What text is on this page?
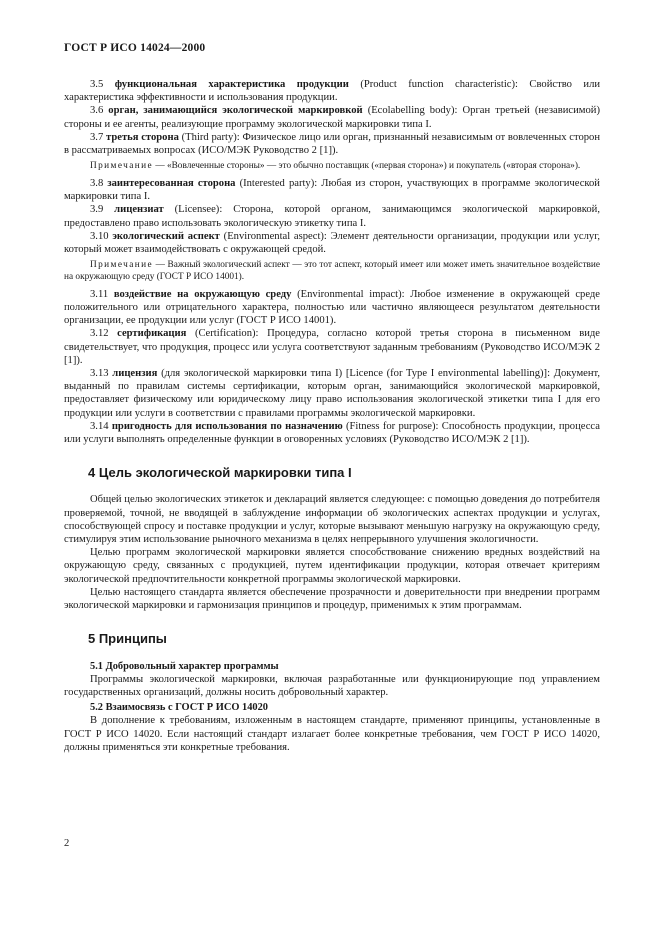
ГОСТ Р ИСО 14024—2000

3.5 функциональная характеристика продукции (Product function characteristic): Свойство или характеристика эффективности и использования продукции.

3.6 орган, занимающийся экологической маркировкой (Ecolabelling body): Орган третьей (независимой) стороны и ее агенты, реализующие программу экологической маркировки типа I.

3.7 третья сторона (Third party): Физическое лицо или орган, признанный независимым от вовлеченных сторон в рассматриваемых вопросах (ИСО/МЭК Руководство 2 [1]).

Примечание — «Вовлеченные стороны» — это обычно поставщик («первая сторона») и покупатель («вторая сторона»).

3.8 заинтересованная сторона (Interested party): Любая из сторон, участвующих в программе экологической маркировки типа I.

3.9 лицензиат (Licensee): Сторона, которой органом, занимающимся экологической маркировкой, предоставлено право использовать экологическую этикетку типа I.

3.10 экологический аспект (Environmental aspect): Элемент деятельности организации, продукции или услуг, который может взаимодействовать с окружающей средой.

Примечание — Важный экологический аспект — это тот аспект, который имеет или может иметь значительное воздействие на окружающую среду (ГОСТ Р ИСО 14001).

3.11 воздействие на окружающую среду (Environmental impact): Любое изменение в окружающей среде положительного или отрицательного характера, полностью или частично являющееся результатом деятельности организации, ее продукции или услуг (ГОСТ Р ИСО 14001).

3.12 сертификация (Certification): Процедура, согласно которой третья сторона в письменном виде свидетельствует, что продукция, процесс или услуга соответствуют заданным требованиям (Руководство ИСО/МЭК 2 [1]).

3.13 лицензия (для экологической маркировки типа I) [Licence (for Type I environmental labelling)]: Документ, выданный по правилам системы сертификации, которым орган, занимающийся экологической маркировкой, предоставляет физическому или юридическому лицу право использования экологической этикетки типа I для его продукции или услуги в соответствии с правилами программы экологической маркировки.

3.14 пригодность для использования по назначению (Fitness for purpose): Способность продукции, процесса или услуги выполнять определенные функции в оговоренных условиях (Руководство ИСО/МЭК 2 [1]).

4 Цель экологической маркировки типа I

Общей целью экологических этикеток и деклараций является следующее: с помощью доведения до потребителя проверяемой, точной, не вводящей в заблуждение информации об экологических аспектах продукции и услугах, способствующей спросу и поставке продукции и услуг, которые вызывают меньшую нагрузку на окружающую среду, стимулируя этим использование рыночного механизма в целях непрерывного улучшения экологичности.

Целью программ экологической маркировки является способствование снижению вредных воздействий на окружающую среду, связанных с продукцией, путем идентификации продукции, которая отвечает критериям экологической предпочтительности конкретной программы экологической маркировки.

Целью настоящего стандарта является обеспечение прозрачности и доверительности при внедрении программ экологической маркировки и гармонизация принципов и процедур, применимых к этим программам.

5 Принципы

5.1 Добровольный характер программы

Программы экологической маркировки, включая разработанные или функционирующие под управлением государственных организаций, должны носить добровольный характер.

5.2 Взаимосвязь с ГОСТ Р ИСО 14020

В дополнение к требованиям, изложенным в настоящем стандарте, применяют принципы, установленные в ГОСТ Р ИСО 14020. Если настоящий стандарт излагает более конкретные требования, чем ГОСТ Р ИСО 14020, должны применяться эти конкретные требования.

2
